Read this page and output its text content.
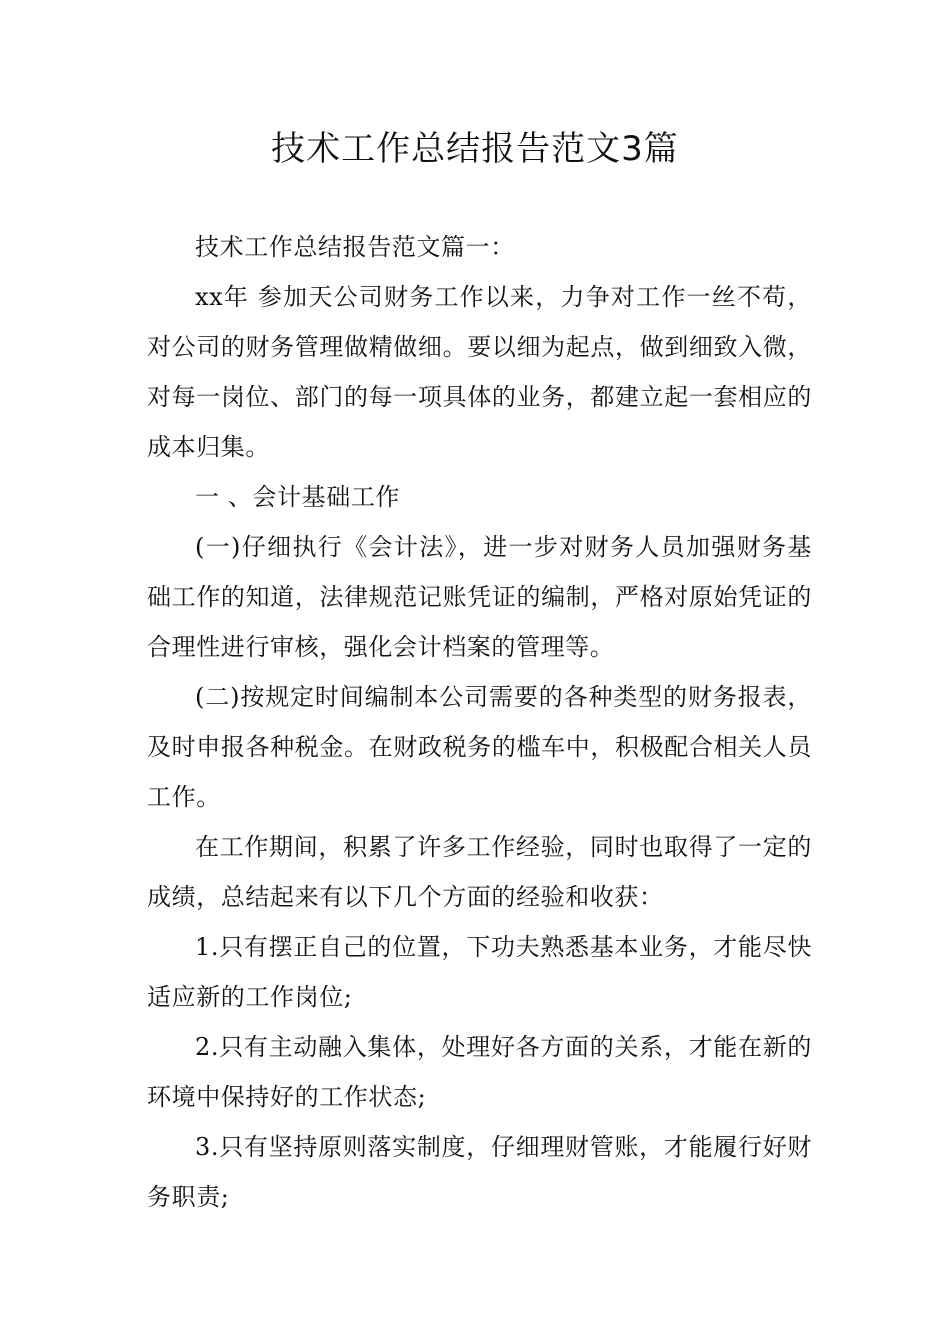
技术工作总结报告范文3篇

技术工作总结报告范文篇一：

xx年 参加天公司财务工作以来，力争对工作一丝不苟，对公司的财务管理做精做细。要以细为起点，做到细致入微，对每一岗位、部门的每一项具体的业务，都建立起一套相应的成本归集。

一 、会计基础工作

(一)仔细执行《会计法》，进一步对财务人员加强财务基础工作的知道，法律规范记账凭证的编制，严格对原始凭证的合理性进行审核，强化会计档案的管理等。

(二)按规定时间编制本公司需要的各种类型的财务报表，及时申报各种税金。在财政税务的槛车中，积极配合相关人员工作。

在工作期间，积累了许多工作经验，同时也取得了一定的成绩，总结起来有以下几个方面的经验和收获：

1.只有摆正自己的位置，下功夫熟悉基本业务，才能尽快适应新的工作岗位;

2.只有主动融入集体，处理好各方面的关系，才能在新的环境中保持好的工作状态;

3.只有坚持原则落实制度，仔细理财管账，才能履行好财务职责;
